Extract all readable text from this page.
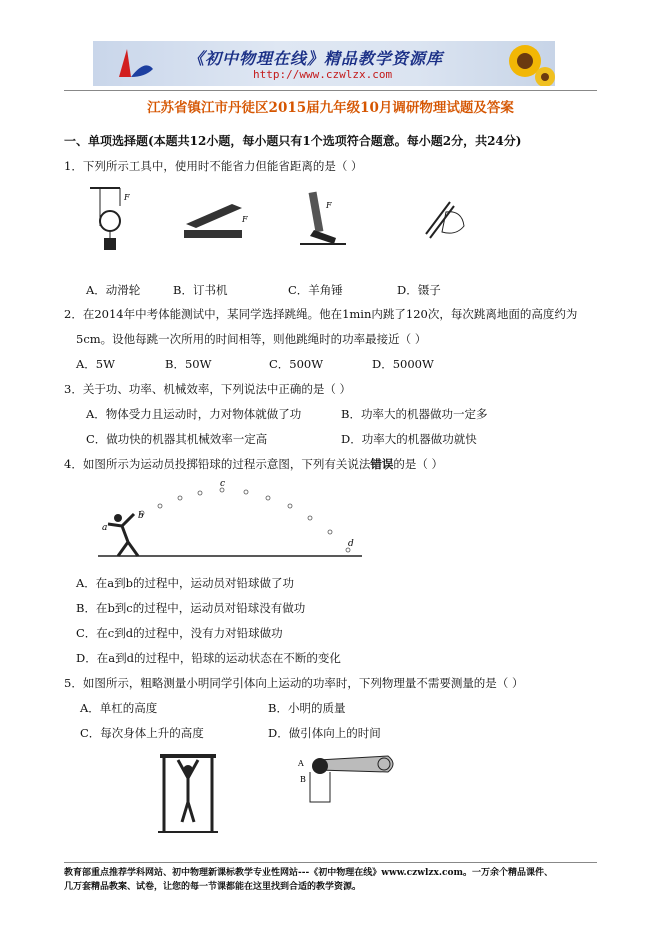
《初中物理在线》精品教学资源库
http://www.czwlzx.com
江苏省镇江市丹徒区2015届九年级10月调研物理试题及答案
一、单项选择题(本题共12小题，每小题只有1个选项符合题意。每小题2分，共24分)
1．下列所示工具中，使用时不能省力但能省距离的是（ ）
F
F
F
A．动滑轮	B．订书机	C．羊角锤	D．镊子
2．在2014年中考体能测试中，某同学选择跳绳。他在1min内跳了120次，每次跳离地面的高度约为
5cm。设他每跳一次所用的时间相等，则他跳绳时的功率最接近（ ）
A．5W	B．50W	C．500W	D．5000W
3．关于功、功率、机械效率，下列说法中正确的是（ ）
A．物体受力且运动时，力对物体就做了功	B．功率大的机器做功一定多
C．做功快的机器其机械效率一定高	D．功率大的机器做功就快
4．如图所示为运动员投掷铅球的过程示意图，下列有关说法错误的是（ ）
a
b
c
d
A．在a到b的过程中，运动员对铅球做了功
B．在b到c的过程中，运动员对铅球没有做功
C．在c到d的过程中，没有力对铅球做功
D．在a到d的过程中，铅球的运动状态在不断的变化
5．如图所示，粗略测量小明同学引体向上运动的功率时，下列物理量不需要测量的是（ ）
A．单杠的高度	B．小明的质量
C．每次身体上升的高度	D．做引体向上的时间
A
B
教育部重点推荐学科网站、初中物理新课标教学专业性网站---《初中物理在线》www.czwlzx.com。一万余个精品课件、
几万套精品教案、试卷，让您的每一节课都能在这里找到合适的教学资源。
